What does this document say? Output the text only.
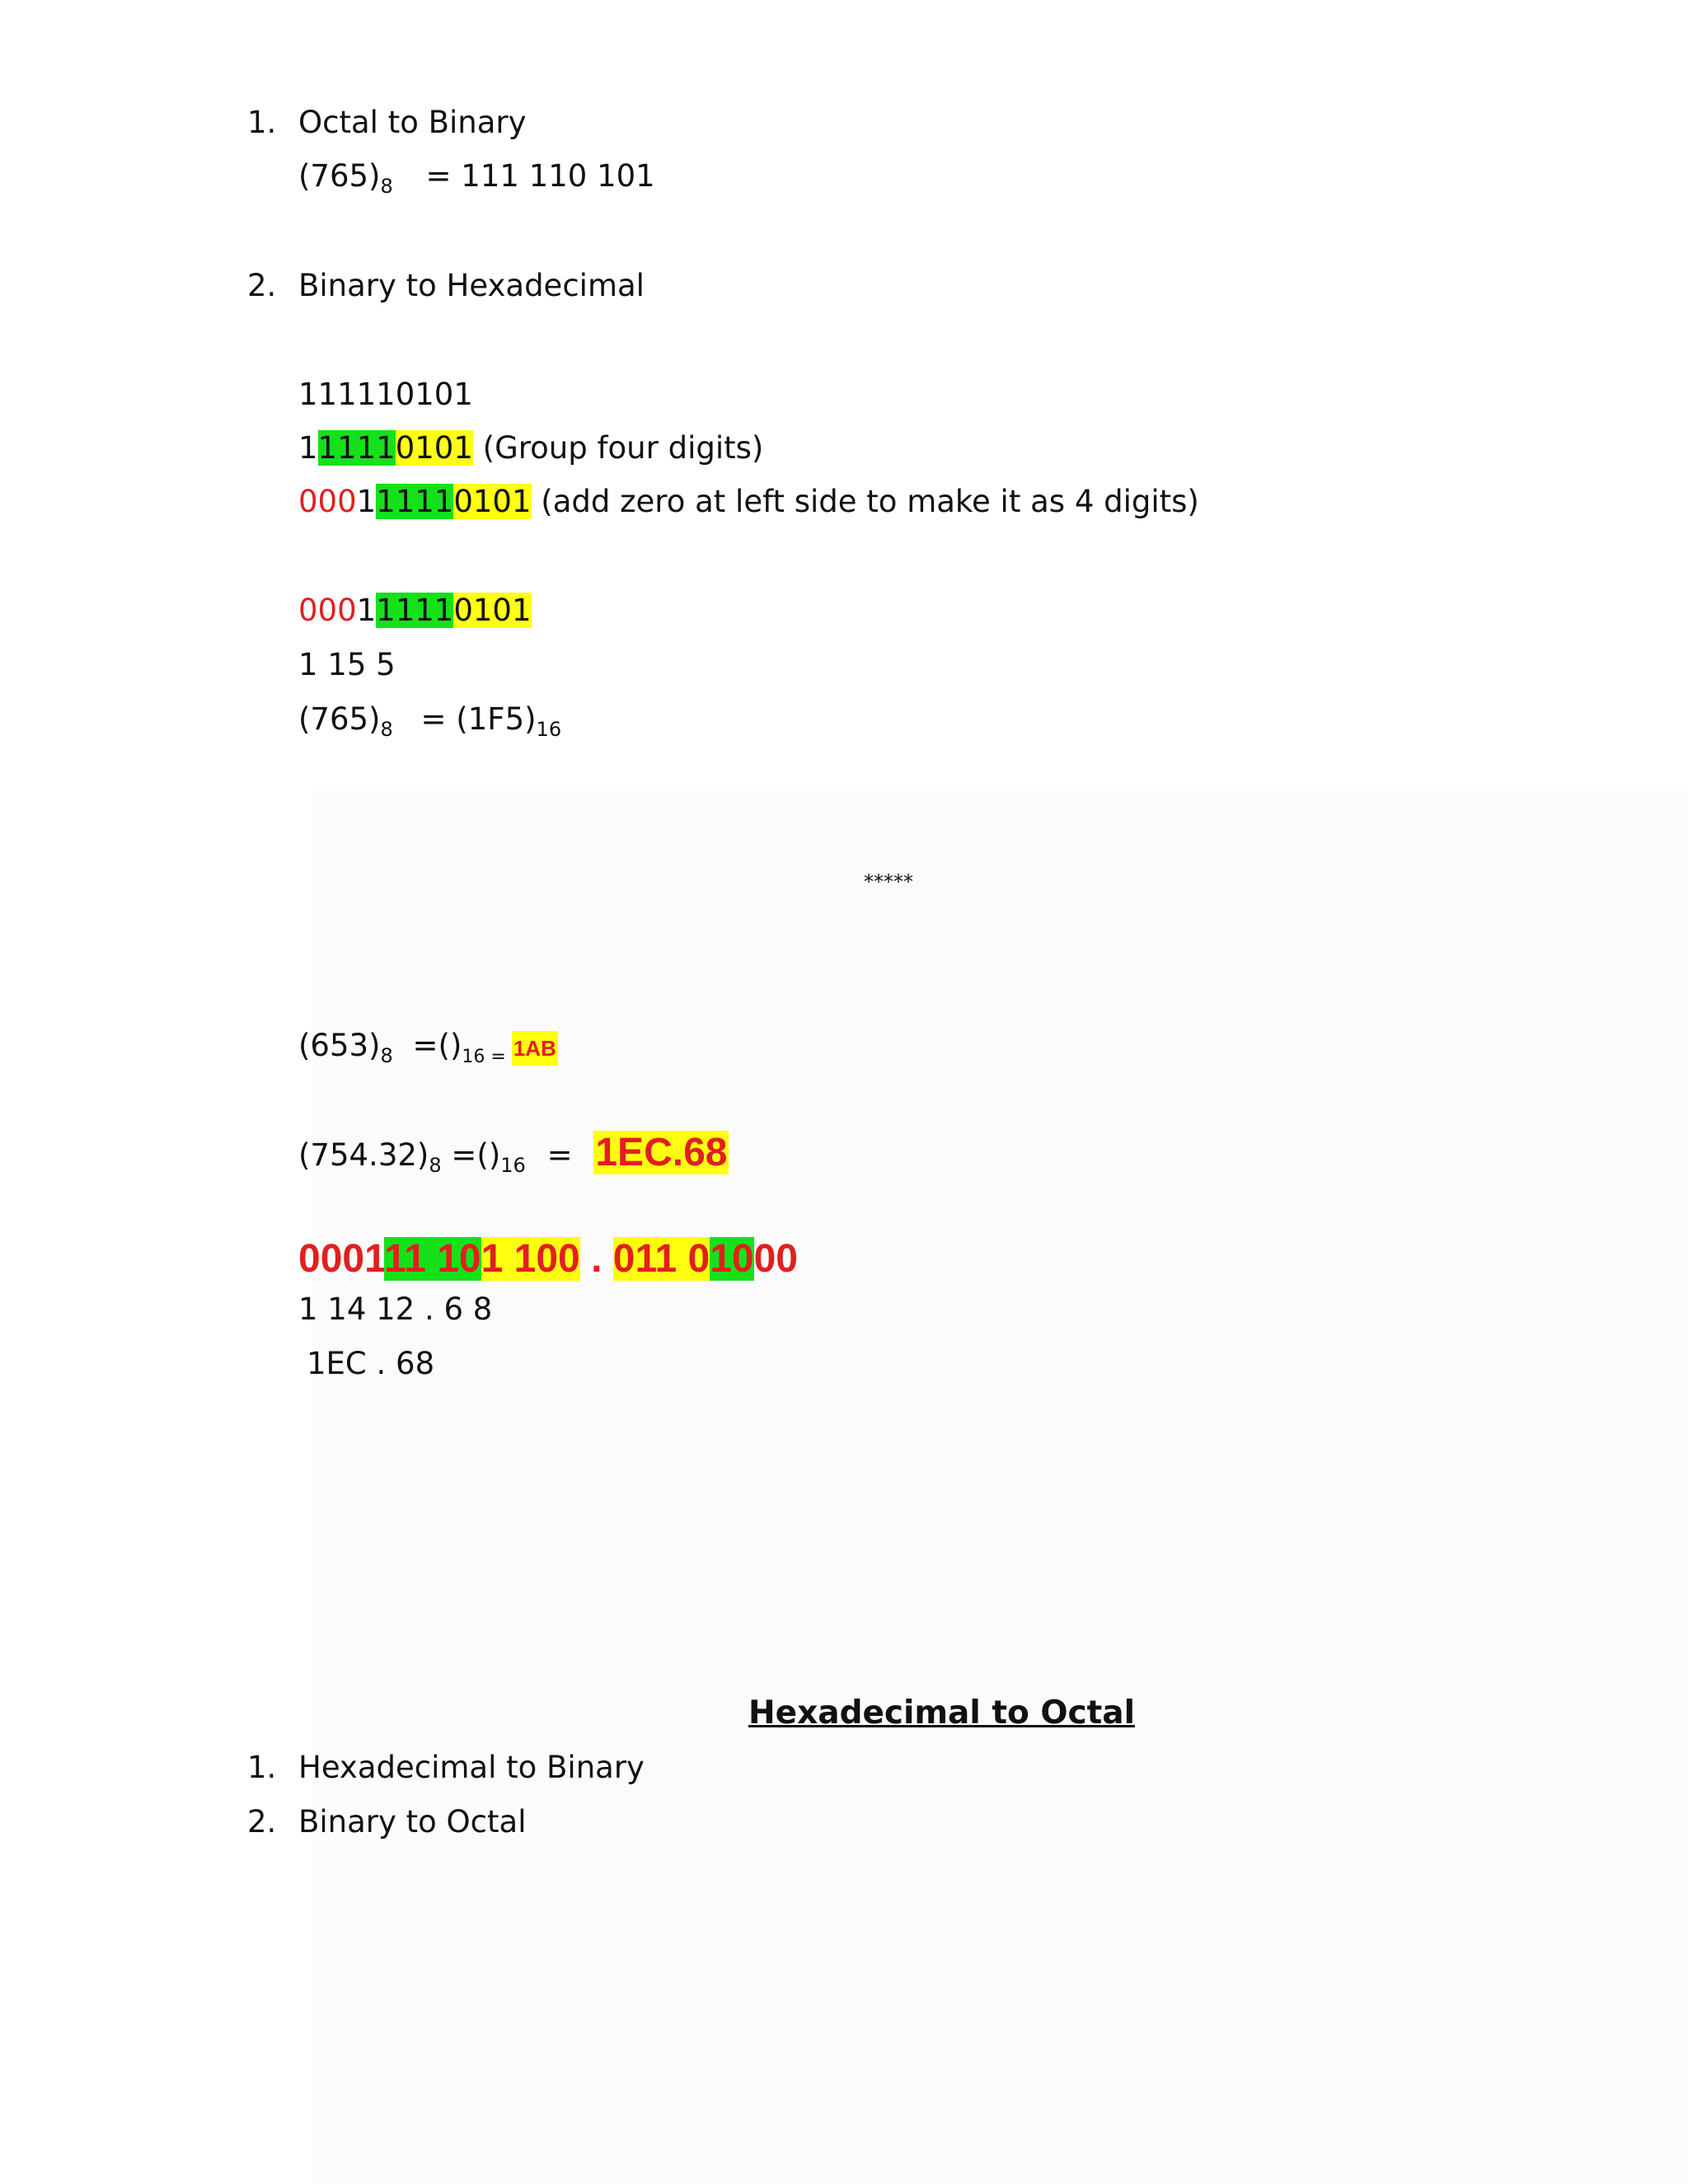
1. Octal to Binary
$(765)_8 = 111$ 110 101
2. Binary to Hexadecimal
111110101
111110101 (Group four digits)
000111110101 (add zero at left side to make it as 4 digits)
000111110101
1 15 5
$(765)_8 = (1F5)_{16}$
*****
$(653)_8 =()_{16 =}$ 1AB
$(754.32)_8 =()_{16} = 1EC.68$
000111 101 100 . 011 01000
1 14 12 . 6 8
1EC . 68
Hexadecimal to Octal
1. Hexadecimal to Binary
2. Binary to Octal
